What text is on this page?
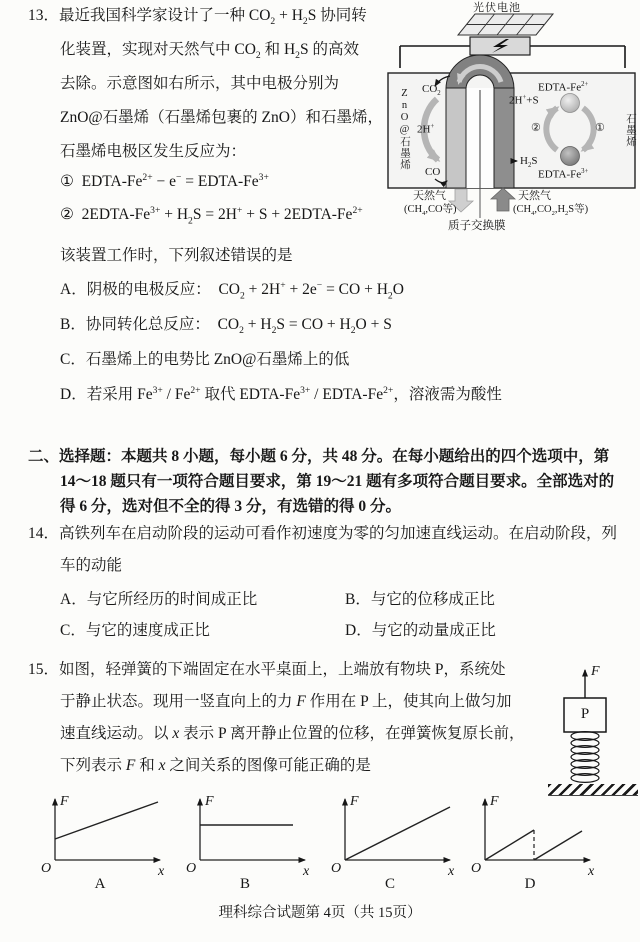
13．最近我国科学家设计了一种 $CO_2 + H_2S$ 协同转
化装置，实现对天然气中 $CO_2$ 和 $H_2S$ 的高效
去除。示意图如右所示，其中电极分别为
ZnO@石墨烯（石墨烯包裹的 ZnO）和石墨烯，
石墨烯电极区发生反应为：
①  EDTA-$Fe^{2+} - e^-$ = EDTA-$Fe^{3+}$
②  $2EDTA-Fe^{3+} + H_2S = 2H^+ + S$ + $2EDTA-Fe^{2+}$
该装置工作时，下列叙述错误的是
A．阴极的电极反应：  $CO_2 + 2H^+ + 2e^-$ = CO + $H_2O$
B．协同转化总反应：  $CO_2 + H_2S$ = CO + $H_2O + S$
C．石墨烯上的电势比 ZnO@石墨烯上的低
D．若采用 $Fe^{3+} / Fe^{2+}$ 取代 EDTA-$Fe^{3+}$ / EDTA-$Fe^{2+}$，溶液需为酸性
光伏电池
ZnO@石墨烯	石墨烯
$CO_2$
2H+
CO
EDTA-$Fe^{2+}$
2H++S
②	①
$H_2S$
EDTA-$Fe^{3+}$
天然气
($CH_4,CO$等)
天然气
($CH_4,CO_2,H_2S$等)
质子交换膜
二、选择题：本题共 8 小题，每小题 6 分，共 48 分。在每小题给出的四个选项中，第
14～18 题只有一项符合题目要求，第 19～21 题有多项符合题目要求。全部选对的
得 6 分，选对但不全的得 3 分，有选错的得 0 分。
14．高铁列车在启动阶段的运动可看作初速度为零的匀加速直线运动。在启动阶段，列
车的动能
A．与它所经历的时间成正比	B．与它的位移成正比
C．与它的速度成正比	D．与它的动量成正比
15．如图，轻弹簧的下端固定在水平桌面上，上端放有物块 P，系统处
于静止状态。现用一竖直向上的力 F 作用在 P 上，使其向上做匀加
速直线运动。以 x 表示 P 离开静止位置的位移，在弹簧恢复原长前，
下列表示 F 和 x 之间关系的图像可能正确的是
F
P
F
x
O
A
F
x
O
B
F
x
O
C
F
x
O
D
理科综合试题第 4页（共 15页）
